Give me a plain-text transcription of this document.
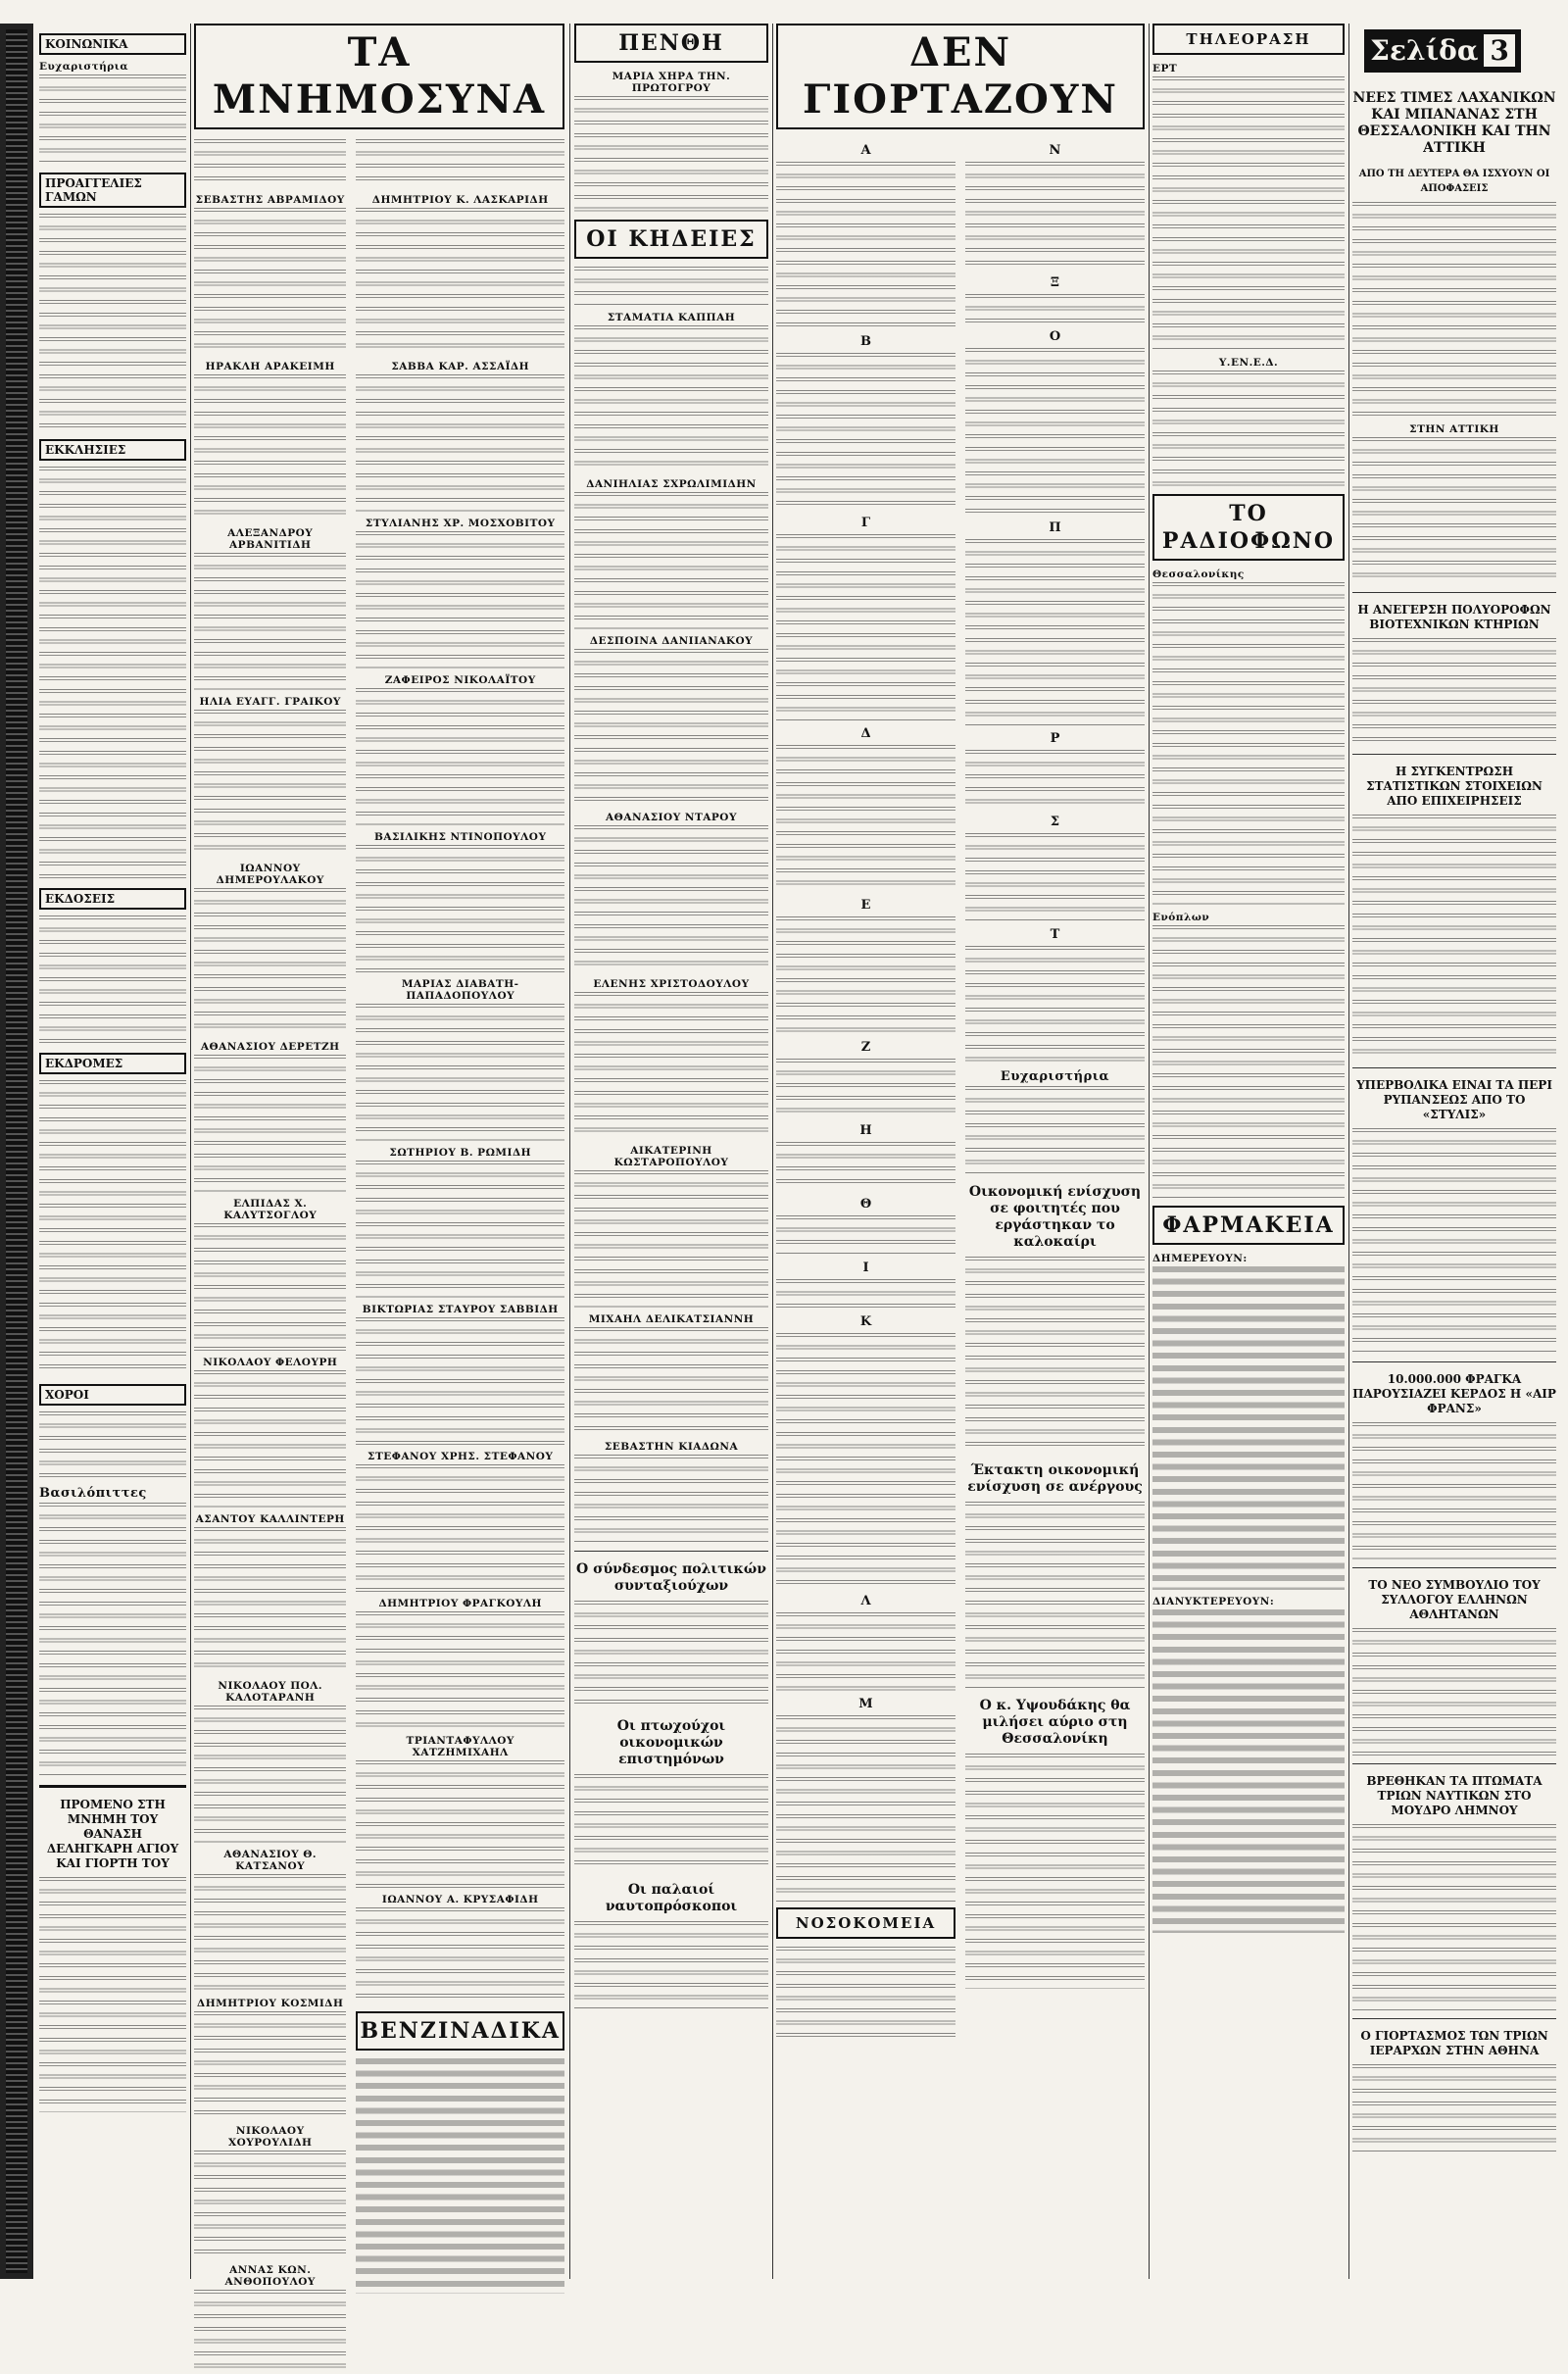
ΚΟΙΝΩΝΙΚΑ
Ευχαριστήρια
ΠΡΟΑΓΓΕΛΙΕΣ ΓΑΜΩΝ
ΕΚΚΛΗΣΙΕΣ
ΕΚΔΟΣΕΙΣ
ΕΚΔΡΟΜΕΣ
ΧΟΡΟΙ
Βασιλόπιττες
ΠΡΟΜΕΝΟ ΣΤΗ ΜΝΗΜΗ ΤΟΥ ΘΑΝΑΣΗ ΔΕΛΗΓΚΑΡΗ ΑΓΙΟΥ ΚΑΙ ΓΙΟΡΤΗ ΤΟΥ
ΤΑ ΜΝΗΜΟΣΥΝΑ
ΣΕΒΑΣΤΗΣ ΑΒΡΑΜΙΔΟΥ
ΗΡΑΚΛΗ ΑΡΑΚΕΙΜΗ
ΑΛΕΞΑΝΔΡΟΥ ΑΡΒΑΝΙΤΙΔΗ
ΗΛΙΑ ΕΥΑΓΓ. ΓΡΑΙΚΟΥ
ΙΩΑΝΝΟΥ ΔΗΜΕΡΟΥΛΑΚΟΥ
ΑΘΑΝΑΣΙΟΥ ΔΕΡΕΤΖΗ
ΕΛΠΙΔΑΣ Χ. ΚΑΛΥΤΣΟΓΛΟΥ
ΝΙΚΟΛΑΟΥ ΦΕΛΟΥΡΗ
ΑΣΑΝΤΟΥ ΚΑΛΛΙΝΤΕΡΗ
ΝΙΚΟΛΑΟΥ ΠΟΛ. ΚΑΛΟΤΑΡΑΝΗ
ΑΘΑΝΑΣΙΟΥ Θ. ΚΑΤΣΑΝΟΥ
ΔΗΜΗΤΡΙΟΥ ΚΟΣΜΙΔΗ
ΝΙΚΟΛΑΟΥ ΧΟΥΡΟΥΛΙΔΗ
ΑΝΝΑΣ ΚΩΝ. ΑΝΘΟΠΟΥΛΟΥ
ΔΗΜΗΤΡΙΟΥ Κ. ΛΑΣΚΑΡΙΔΗ
ΣΑΒΒΑ ΚΑΡ. ΑΣΣΑΪΔΗ
ΣΤΥΛΙΑΝΗΣ ΧΡ. ΜΟΣΧΟΒΙΤΟΥ
ΖΑΦΕΙΡΟΣ ΝΙΚΟΛΑΪΤΟΥ
ΒΑΣΙΛΙΚΗΣ ΝΤΙΝΟΠΟΥΛΟΥ
ΜΑΡΙΑΣ ΔΙΑΒΑΤΗ-ΠΑΠΑΔΟΠΟΥΛΟΥ
ΣΩΤΗΡΙΟΥ Β. ΡΩΜΙΔΗ
ΒΙΚΤΩΡΙΑΣ ΣΤΑΥΡΟΥ ΣΑΒΒΙΔΗ
ΣΤΕΦΑΝΟΥ ΧΡΗΣ. ΣΤΕΦΑΝΟΥ
ΔΗΜΗΤΡΙΟΥ ΦΡΑΓΚΟΥΛΗ
ΤΡΙΑΝΤΑΦΥΛΛΟΥ ΧΑΤΖΗΜΙΧΑΗΛ
ΙΩΑΝΝΟΥ Α. ΚΡΥΣΑΦΙΔΗ
ΒΕΝΖΙΝΑΔΙΚΑ
ΠΕΝΘΗ
ΜΑΡΙΑ ΧΗΡΑ ΤΗΝ. ΠΡΩΤΟΓΡΟΥ
ΟΙ ΚΗΔΕΙΕΣ
ΣΤΑΜΑΤΙΑ ΚΑΠΠΑΗ
ΔΑΝΙΗΛΙΑΣ ΣΧΡΩΛΙΜΙΔΗΝ
ΔΕΣΠΟΙΝΑ ΔΑΝΙΙΑΝΑΚΟΥ
ΑΘΑΝΑΣΙΟΥ ΝΤΑΡΟΥ
ΕΛΕΝΗΣ ΧΡΙΣΤΟΔΟΥΛΟΥ
ΑΙΚΑΤΕΡΙΝΗ ΚΩΣΤΑΡΟΠΟΥΛΟΥ
ΜΙΧΑΗΛ ΔΕΛΙΚΑΤΣΙΑΝΝΗ
ΣΕΒΑΣΤΗΝ ΚΙΑΔΩΝΑ
Ο σύνδεσμος πολιτικών συνταξιούχων
Οι πτωχούχοι οικονομικών επιστημόνων
Οι παλαιοί ναυτοπρόσκοποι
ΔΕΝ ΓΙΟΡΤΑΖΟΥΝ
Α
Β
Γ
Δ
Ε
Ζ
Η
Θ
Ι
Κ
Λ
Μ
ΝΟΣΟΚΟΜΕΙΑ
Ν
Ξ
Ο
Π
Ρ
Σ
Τ
Ευχαριστήρια
Οικονομική ενίσχυση σε φοιτητές που εργάστηκαν το καλοκαίρι
Έκτακτη οικονομική ενίσχυση σε ανέργους
Ο κ. Υψουδάκης θα μιλήσει αύριο στη Θεσσαλονίκη
ΤΗΛΕΟΡΑΣΗ
ΕΡΤ
Υ.ΕΝ.Ε.Δ.
ΤΟ ΡΑΔΙΟΦΩΝΟ
Θεσσαλονίκης
Ενόπλων
ΦΑΡΜΑΚΕΙΑ
ΔΗΜΕΡΕΥΟΥΝ:
ΔΙΑΝΥΚΤΕΡΕΥΟΥΝ:
ΝΕΕΣ ΤΙΜΕΣ ΛΑΧΑΝΙΚΩΝ ΚΑΙ ΜΠΑΝΑΝΑΣ ΣΤΗ ΘΕΣΣΑΛΟΝΙΚΗ ΚΑΙ ΤΗΝ ΑΤΤΙΚΗ
ΑΠΟ ΤΗ ΔΕΥΤΕΡΑ ΘΑ ΙΣΧΥΟΥΝ ΟΙ ΑΠΟΦΑΣΕΙΣ
ΣΤΗΝ ΑΤΤΙΚΗ
Η ΑΝΕΓΕΡΣΗ ΠΟΛΥΟΡΟΦΩΝ ΒΙΟΤΕΧΝΙΚΩΝ ΚΤΗΡΙΩΝ
Η ΣΥΓΚΕΝΤΡΩΣΗ ΣΤΑΤΙΣΤΙΚΩΝ ΣΤΟΙΧΕΙΩΝ ΑΠΟ ΕΠΙΧΕΙΡΗΣΕΙΣ
ΥΠΕΡΒΟΛΙΚΑ ΕΙΝΑΙ ΤΑ ΠΕΡΙ ΡΥΠΑΝΣΕΩΣ ΑΠΟ ΤΟ «ΣΤΥΛΙΣ»
10.000.000 ΦΡΑΓΚΑ ΠΑΡΟΥΣΙΑΖΕΙ ΚΕΡΔΟΣ Η «ΑΙΡ ΦΡΑΝΣ»
ΤΟ ΝΕΟ ΣΥΜΒΟΥΛΙΟ ΤΟΥ ΣΥΛΛΟΓΟΥ ΕΛΛΗΝΩΝ ΑΘΛΗΤΑΝΩΝ
ΒΡΕΘΗΚΑΝ ΤΑ ΠΤΩΜΑΤΑ ΤΡΙΩΝ ΝΑΥΤΙΚΩΝ ΣΤΟ ΜΟΥΔΡΟ ΛΗΜΝΟΥ
Ο ΓΙΟΡΤΑΣΜΟΣ ΤΩΝ ΤΡΙΩΝ ΙΕΡΑΡΧΩΝ ΣΤΗΝ ΑΘΗΝΑ
Σελίδα 3
